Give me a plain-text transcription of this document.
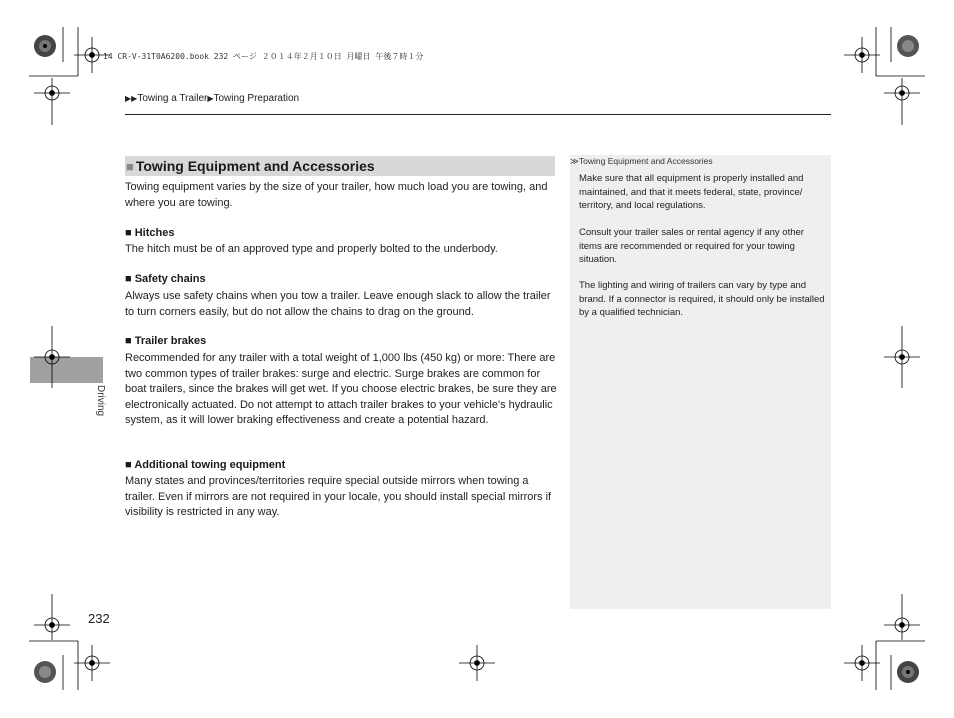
14 CR-V-31T0A6200.book 232 ページ ２０１４年２月１０日 月曜日 午後７時１分
▶▶Towing a Trailer▶Towing Preparation
Driving
■ Towing Equipment and Accessories
Towing equipment varies by the size of your trailer, how much load you are towing, and where you are towing.
■ Hitches
The hitch must be of an approved type and properly bolted to the underbody.
■ Safety chains
Always use safety chains when you tow a trailer. Leave enough slack to allow the trailer to turn corners easily, but do not allow the chains to drag on the ground.
■ Trailer brakes
Recommended for any trailer with a total weight of 1,000 lbs (450 kg) or more: There are two common types of trailer brakes: surge and electric. Surge brakes are common for boat trailers, since the brakes will get wet. If you choose electric brakes, be sure they are electronically actuated. Do not attempt to attach trailer brakes to your vehicle's hydraulic system, as it will lower braking effectiveness and create a potential hazard.
■ Additional towing equipment
Many states and provinces/territories require special outside mirrors when towing a trailer. Even if mirrors are not required in your locale, you should install special mirrors if visibility is restricted in any way.
≫Towing Equipment and Accessories
Make sure that all equipment is properly installed and maintained, and that it meets federal, state, province/ territory, and local regulations.
Consult your trailer sales or rental agency if any other items are recommended or required for your towing situation.
The lighting and wiring of trailers can vary by type and brand. If a connector is required, it should only be installed by a qualified technician.
232
